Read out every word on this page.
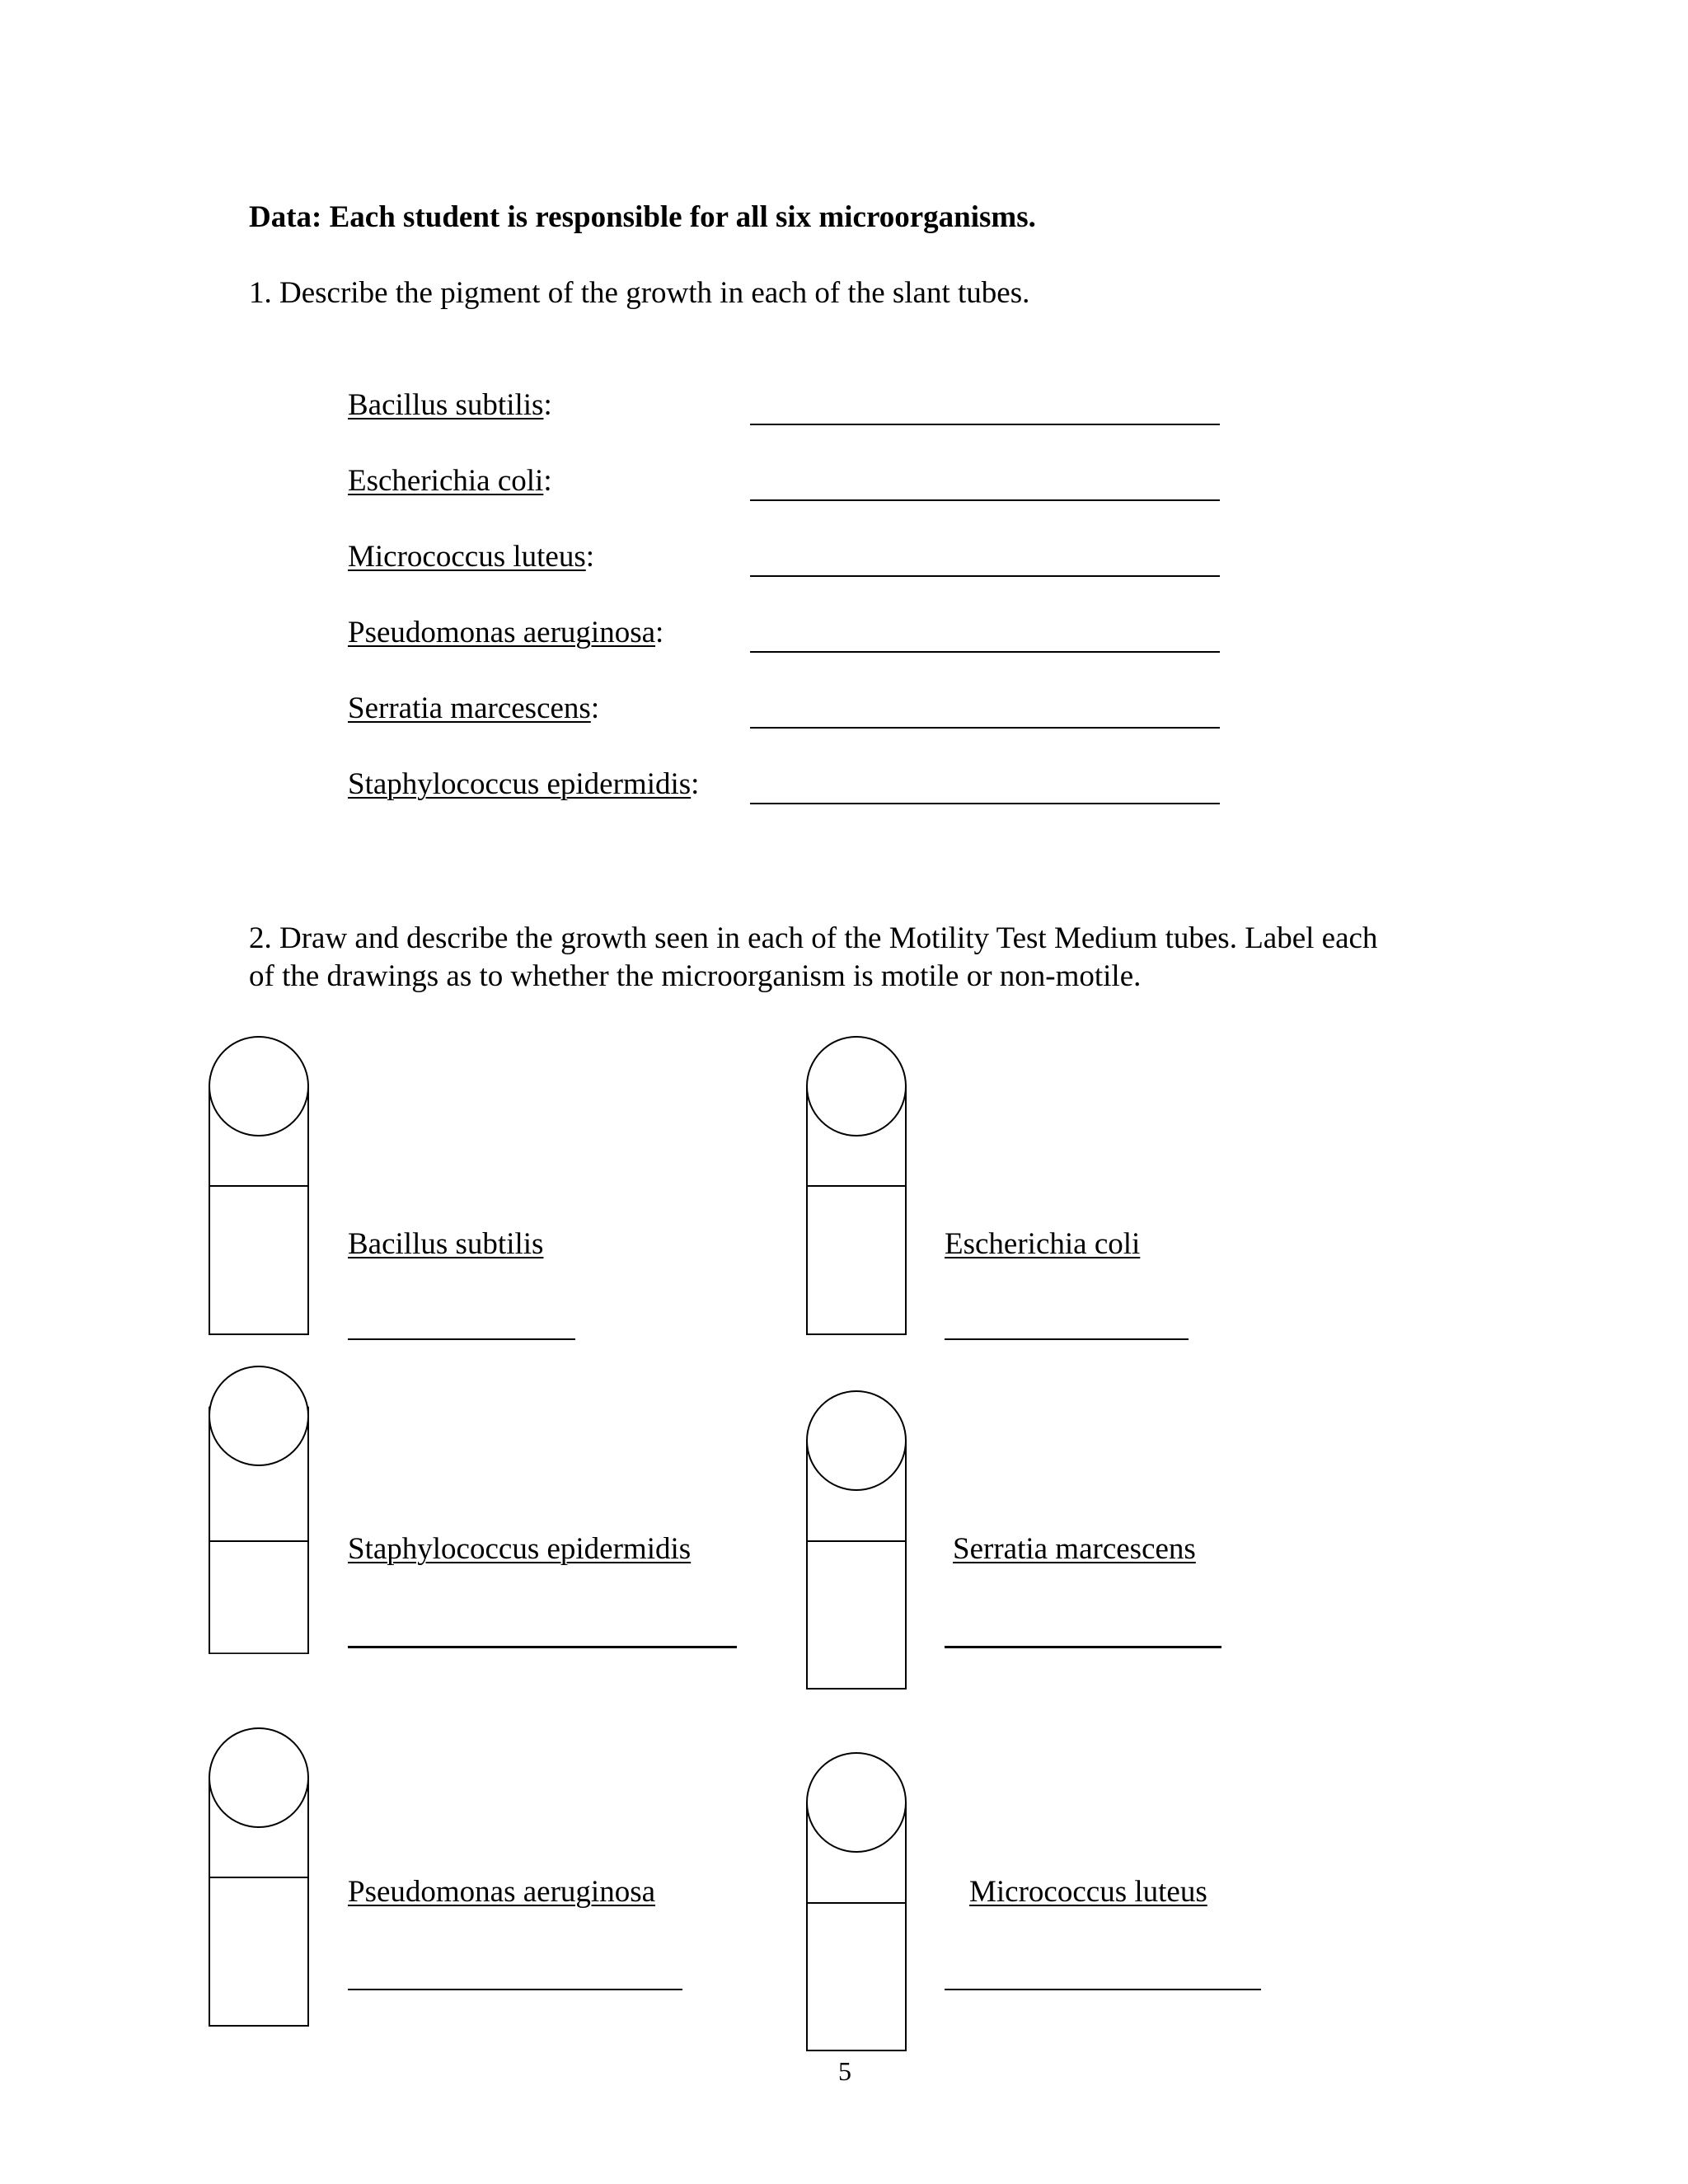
Data: Each student is responsible for all six microorganisms.
1. Describe the pigment of the growth in each of the slant tubes.
Bacillus subtilis:
Escherichia coli:
Micrococcus luteus:
Pseudomonas aeruginosa:
Serratia marcescens:
Staphylococcus epidermidis:
2. Draw and describe the growth seen in each of the Motility Test Medium tubes. Label each
of the drawings as to whether the microorganism is motile or non-motile.
Bacillus subtilis	Escherichia coli
Staphylococcus epidermidis	Serratia marcescens
Pseudomonas aeruginosa	Micrococcus luteus
5
